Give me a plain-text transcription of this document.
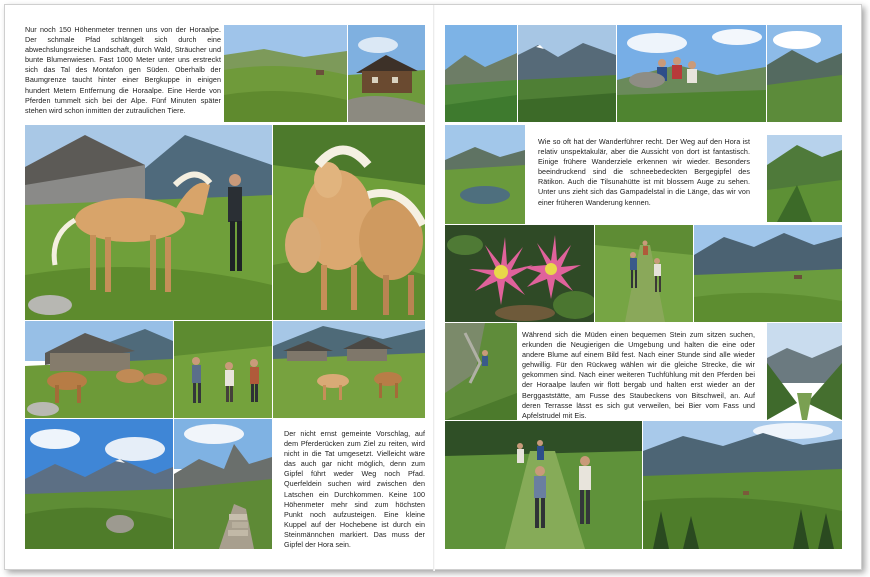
Nur noch 150 Höhenmeter trennen uns von der Horaalpe. Der schmale Pfad schlängelt sich durch eine abwechslungsreiche Landschaft, durch Wald, Sträucher und bunte Blumenwiesen. Fast 1000 Meter unter uns erstreckt sich das Tal des Montafon gen Süden. Oberhalb der Baumgrenze taucht hinter einer Bergkuppe in einigen hundert Metern Entfernung die Horaalpe. Eine Herde von Pferden tummelt sich bei der Alpe. Fünf Minuten später stehen wird schon inmitten der zutraulichen Tiere.
Der nicht ernst gemeinte Vorschlag, auf dem Pferderücken zum Ziel zu reiten, wird nicht in die Tat umgesetzt. Vielleicht wäre das auch gar nicht möglich, denn zum Gipfel führt weder Weg noch Pfad. Querfeldein suchen wird zwischen den Latschen ein Durchkommen. Keine 100 Höhenmeter mehr sind zum höchsten Punkt noch aufzusteigen. Eine kleine Kuppel auf der Hochebene ist durch ein Steinmännchen markiert. Das muss der Gipfel der Hora sein.
Wie so oft hat der Wanderführer recht. Der Weg auf den Hora ist relativ unspektakulär, aber die Aussicht von dort ist fantastisch. Einige frühere Wanderziele erkennen wir wieder. Besonders beeindruckend sind die schneebedeckten Bergegipfel des Rätikon. Auch die Tilsunahütte ist mit blossem Auge zu sehen. Unter uns zieht sich das Gampadelstal in die Länge, das wir von einer früheren Wanderung kennen.
Während sich die Müden einen bequemen Stein zum sitzen suchen, erkunden die Neugierigen die Umgebung und halten die eine oder andere Blume auf einem Bild fest. Nach einer Stunde sind alle wieder gehwillig. Für den Rückweg wählen wir die gleiche Strecke, die wir gekommen sind. Nach einer weiteren Tuchfühlung mit den Pferden bei der Horaalpe laufen wir flott bergab und halten erst wieder an der Berggaststätte, am Fusse des Staubeckens von Bitschweil, an. Auf deren Terrasse lässt es sich gut verweilen, bei Bier vom Fass und Apfelstrudel mit Eis.
